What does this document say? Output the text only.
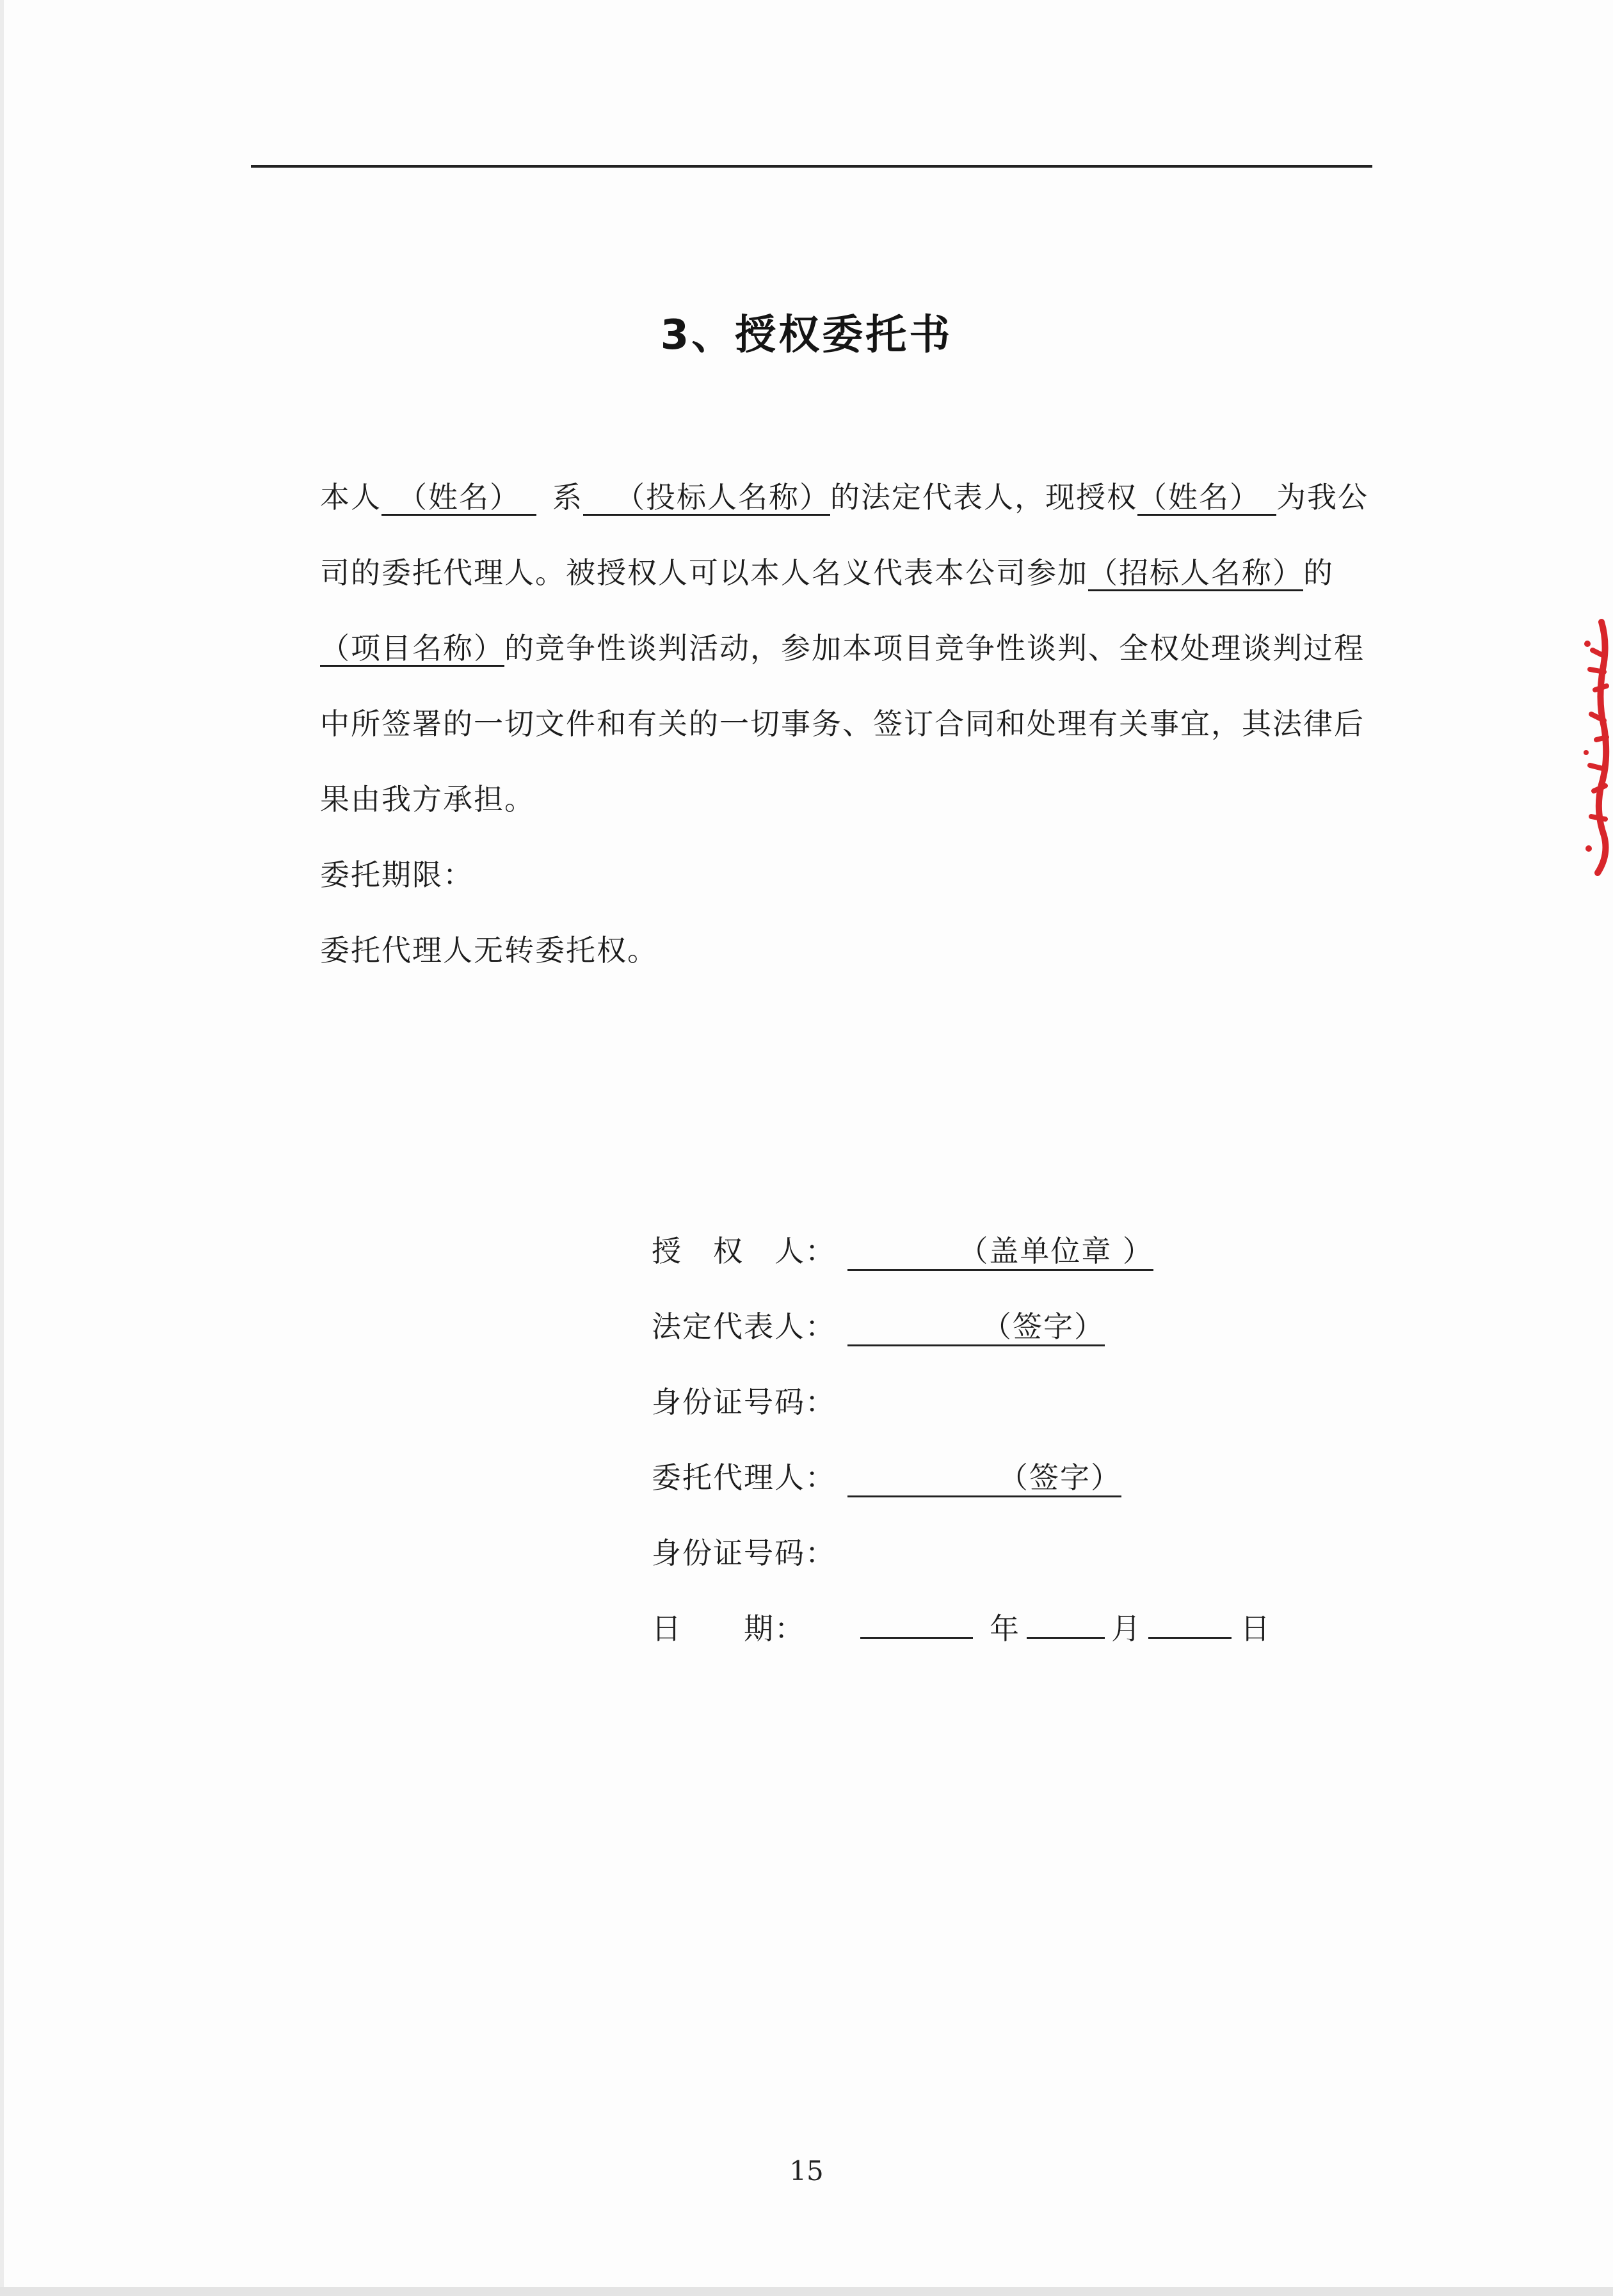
3、授权委托书

本人  （姓名）   系   （投标人名称）的法定代表人，现授权（姓名）  为我公司的委托代理人。被授权人可以本人名义代表本公司参加（招标人名称）的
（项目名称）的竞争性谈判活动，参加本项目竞争性谈判、全权处理谈判过程中所签署的一切文件和有关的一切事务、签订合同和处理有关事宜，其法律后果由我方承担。

委托期限：

委托代理人无转委托权。

授　权　人：	（盖单位章 ）
法定代表人：	（签字）
身份证号码：
委托代理人：	（签字）
身份证号码：
日　　期：	年	月	日
15
